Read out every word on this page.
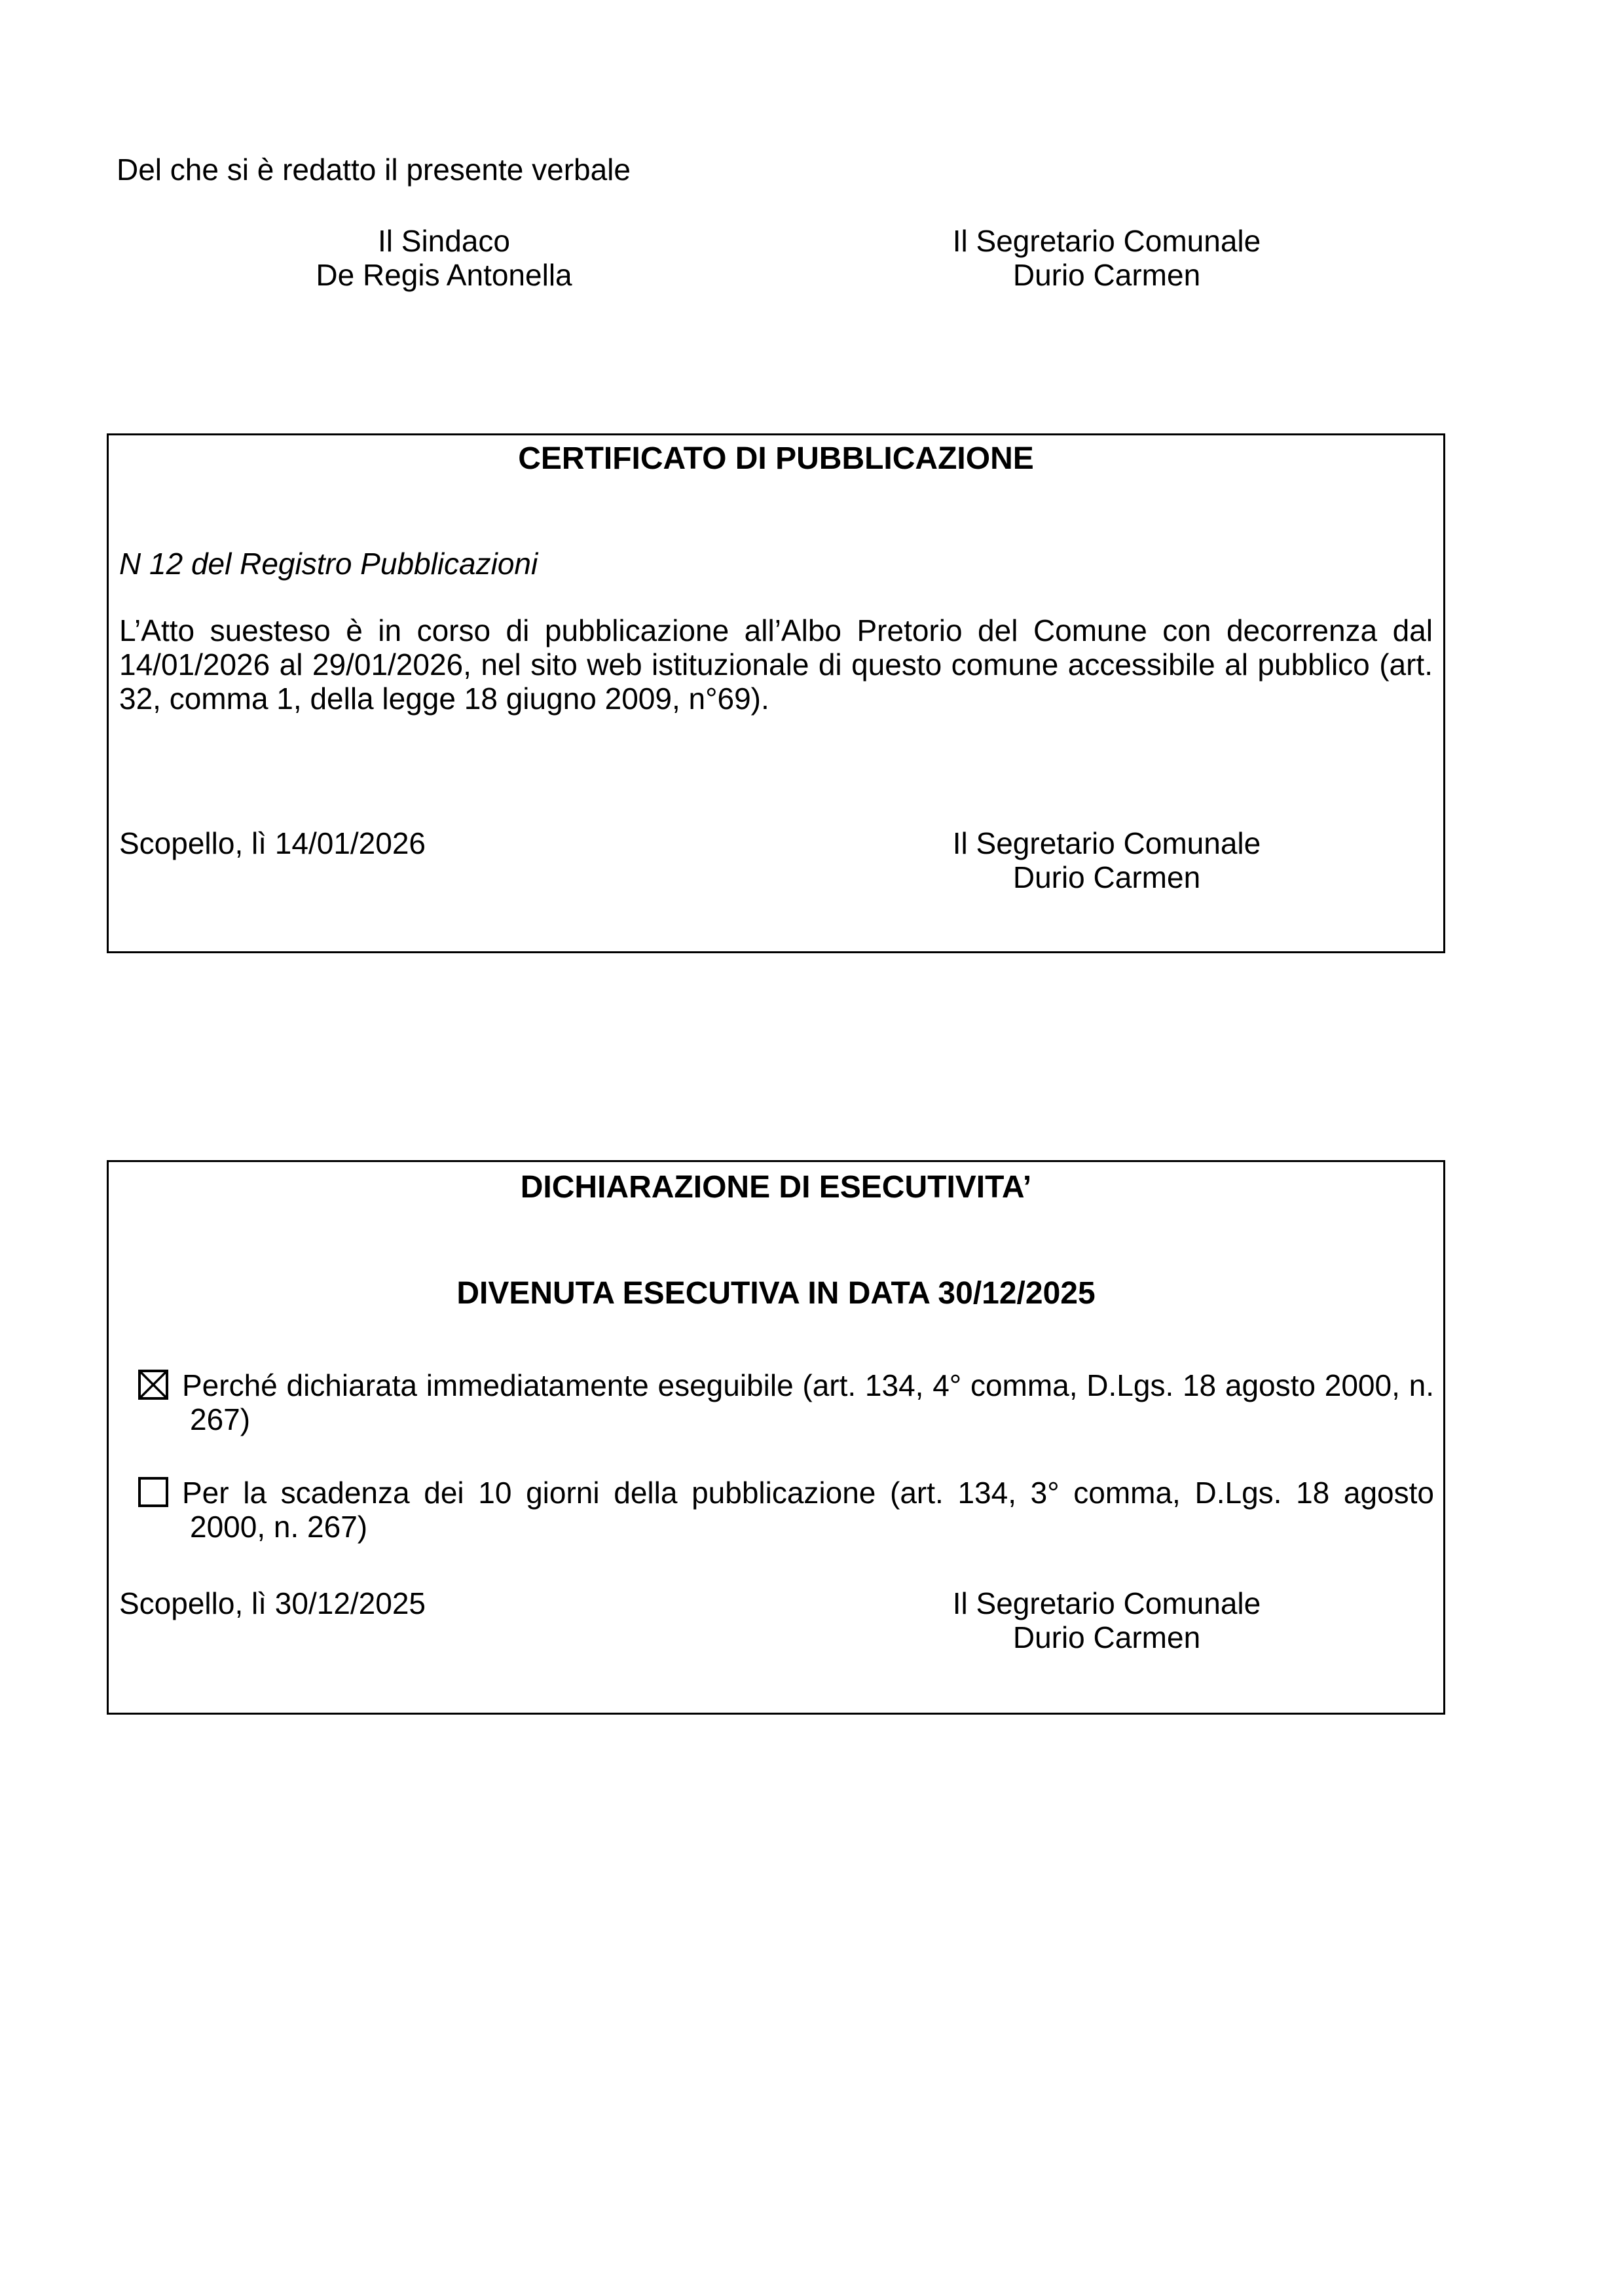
Del che si è redatto il presente verbale
Il Sindaco
De Regis Antonella
Il Segretario Comunale
Durio Carmen
CERTIFICATO DI PUBBLICAZIONE
N 12 del Registro Pubblicazioni
L’Atto suesteso è in corso di pubblicazione all’Albo Pretorio del Comune con decorrenza dal 14/01/2026 al 29/01/2026, nel sito web istituzionale di questo comune accessibile al pubblico (art. 32, comma 1, della legge 18 giugno 2009, n°69).
Scopello, lì 14/01/2026	Il Segretario Comunale
Durio Carmen
DICHIARAZIONE DI ESECUTIVITA’
DIVENUTA ESECUTIVA IN DATA 30/12/2025
Perché dichiarata immediatamente eseguibile (art. 134, 4° comma, D.Lgs. 18 agosto 2000, n. 267)
Per la scadenza dei 10 giorni della pubblicazione (art. 134, 3° comma, D.Lgs. 18 agosto 2000, n. 267)
Scopello, lì 30/12/2025	Il Segretario Comunale
Durio Carmen
